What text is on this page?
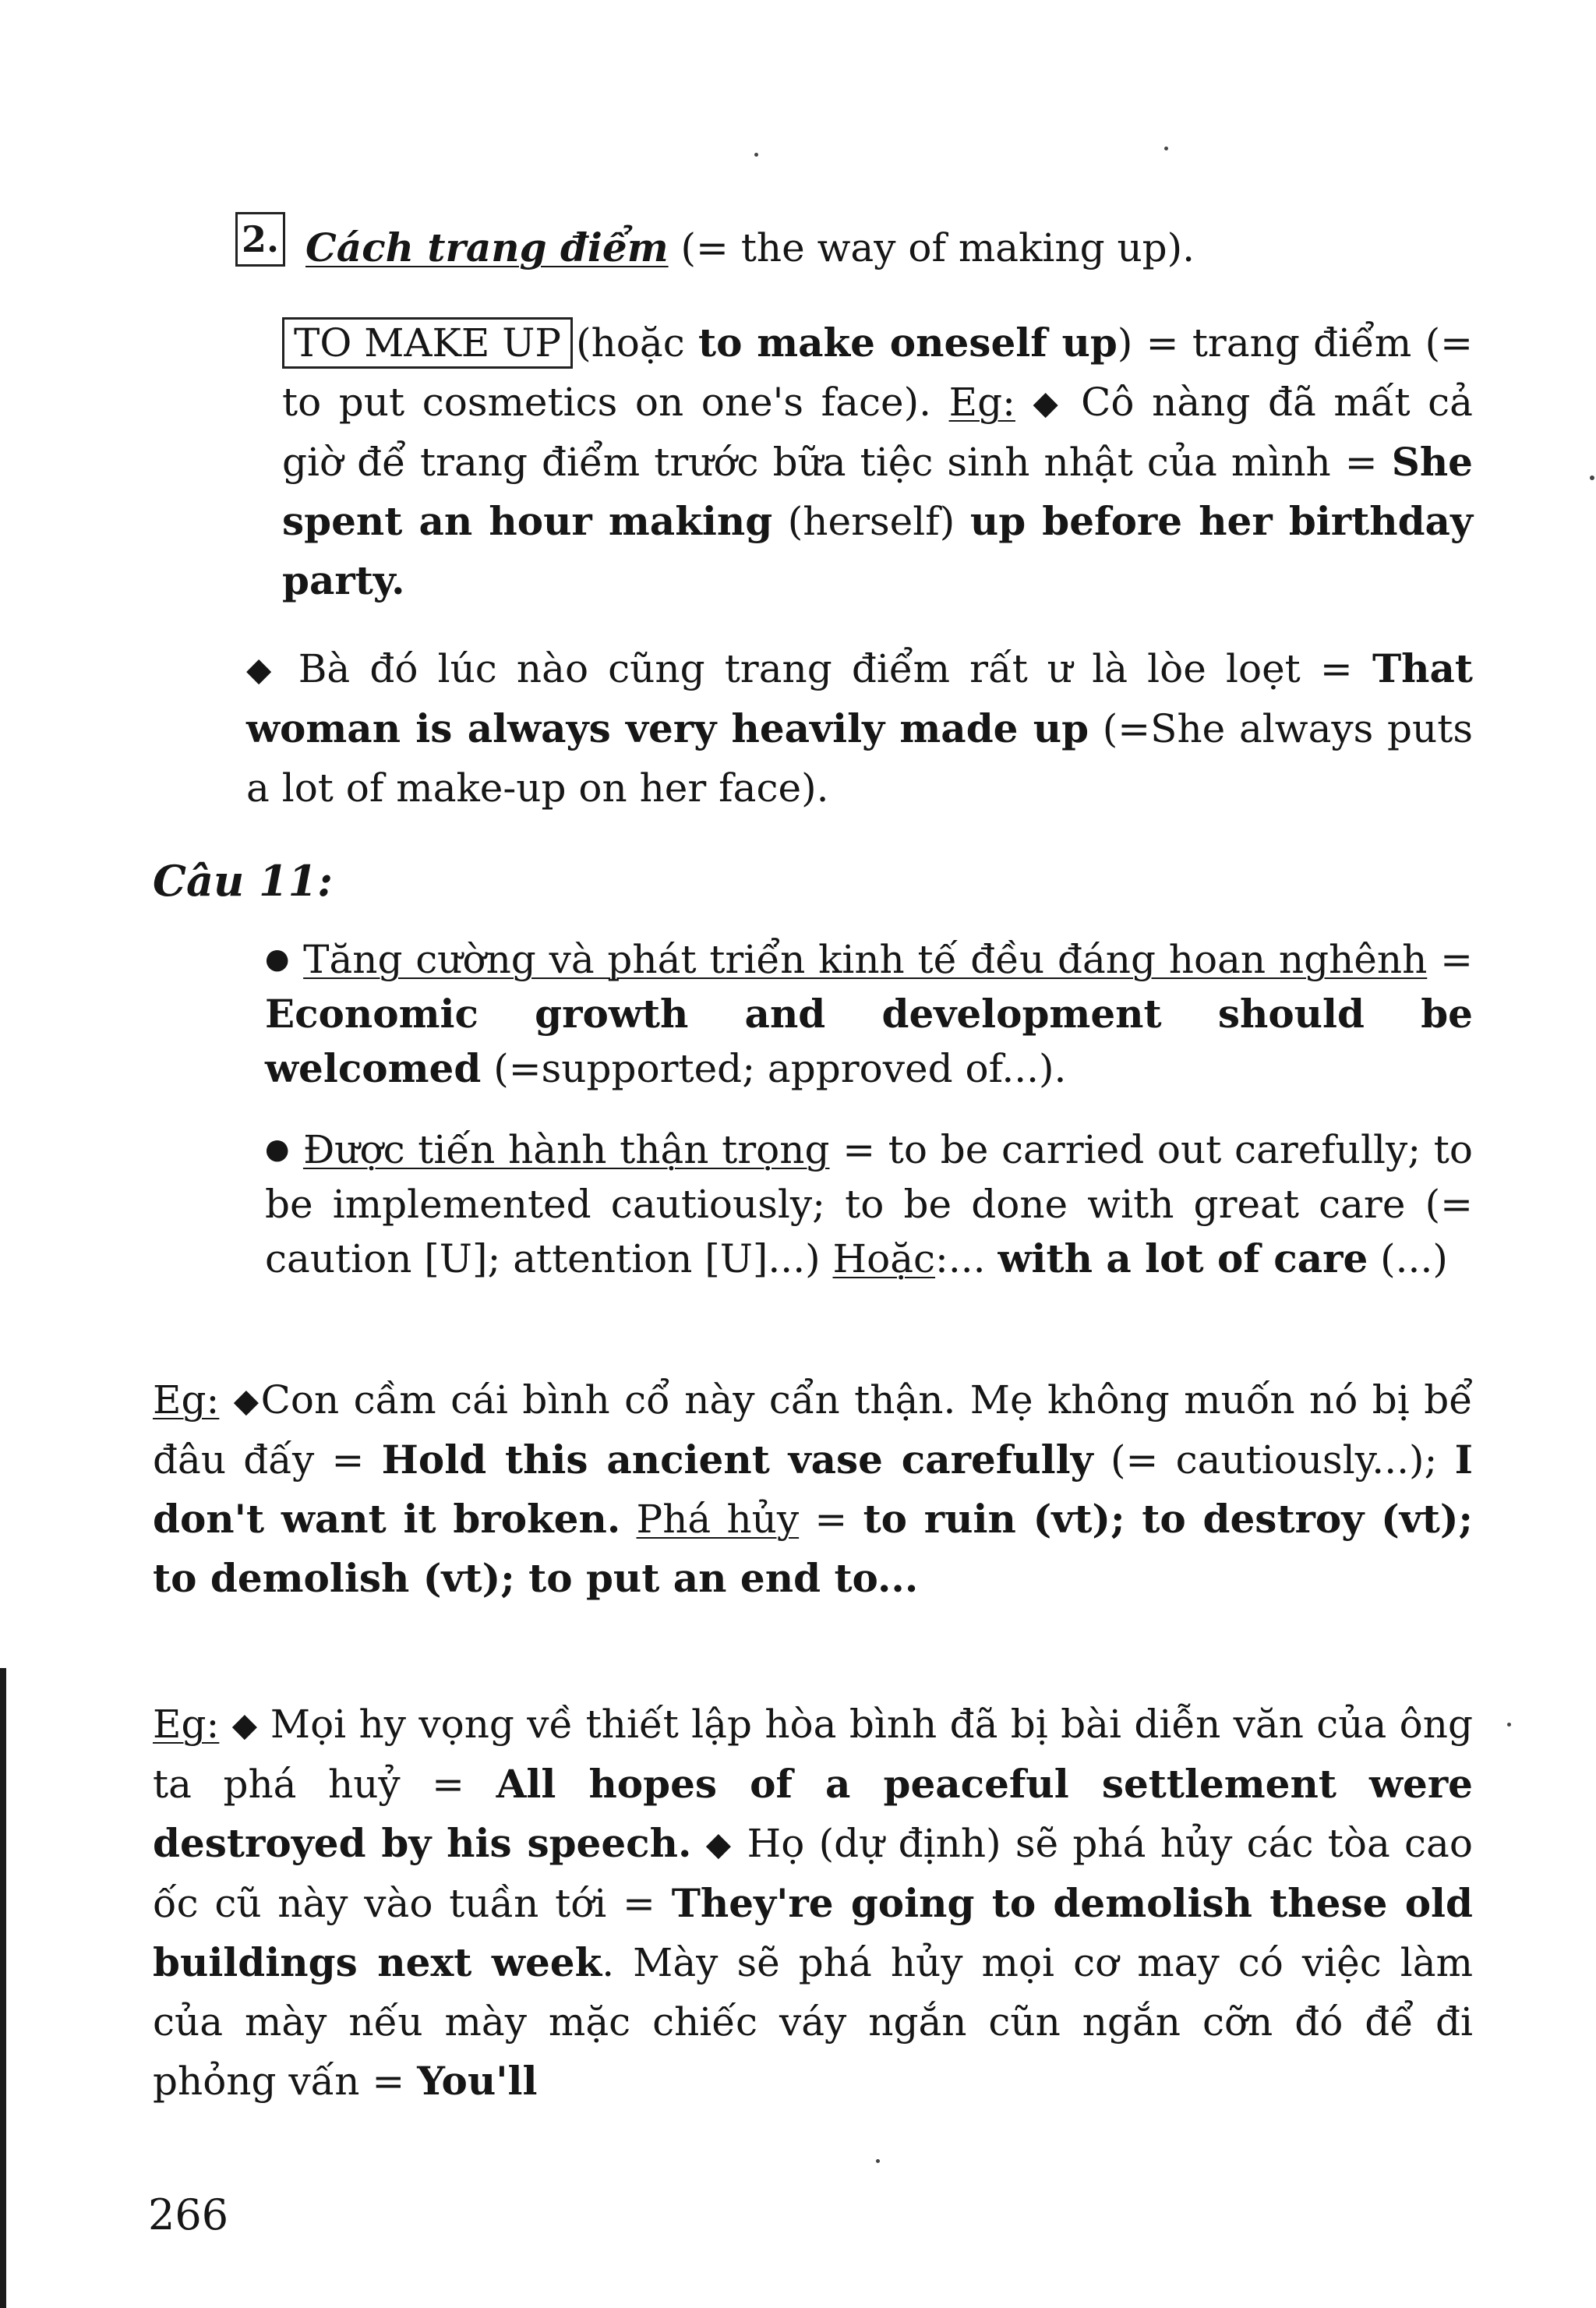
2. Cách trang điểm (= the way of making up).

TO MAKE UP (hoặc to make oneself up) = trang điểm (= to put cosmetics on one's face). Eg: ◆ Cô nàng đã mất cả giờ để trang điểm trước bữa tiệc sinh nhật của mình = She spent an hour making (herself) up before her birthday party.

◆ Bà đó lúc nào cũng trang điểm rất ư là lòe loẹt = That woman is always very heavily made up (=She always puts a lot of make-up on her face).

Câu 11:

● Tăng cường và phát triển kinh tế đều đáng hoan nghênh = Economic growth and development should be welcomed (=supported; approved of...).

● Được tiến hành thận trọng = to be carried out carefully; to be implemented cautiously; to be done with great care (= caution [U]; attention [U]...) Hoặc:... with a lot of care (...)

Eg: ◆Con cầm cái bình cổ này cẩn thận. Mẹ không muốn nó bị bể đâu đấy = Hold this ancient vase carefully (= cautiously...); I don't want it broken. Phá hủy = to ruin (vt); to destroy (vt); to demolish (vt); to put an end to...

Eg: ◆ Mọi hy vọng về thiết lập hòa bình đã bị bài diễn văn của ông ta phá huỷ = All hopes of a peaceful settlement were destroyed by his speech. ◆ Họ (dự định) sẽ phá hủy các tòa cao ốc cũ này vào tuần tới = They're going to demolish these old buildings next week. Mày sẽ phá hủy mọi cơ may có việc làm của mày nếu mày mặc chiếc váy ngắn cũn ngắn cỡn đó để đi phỏng vấn = You'll

266
